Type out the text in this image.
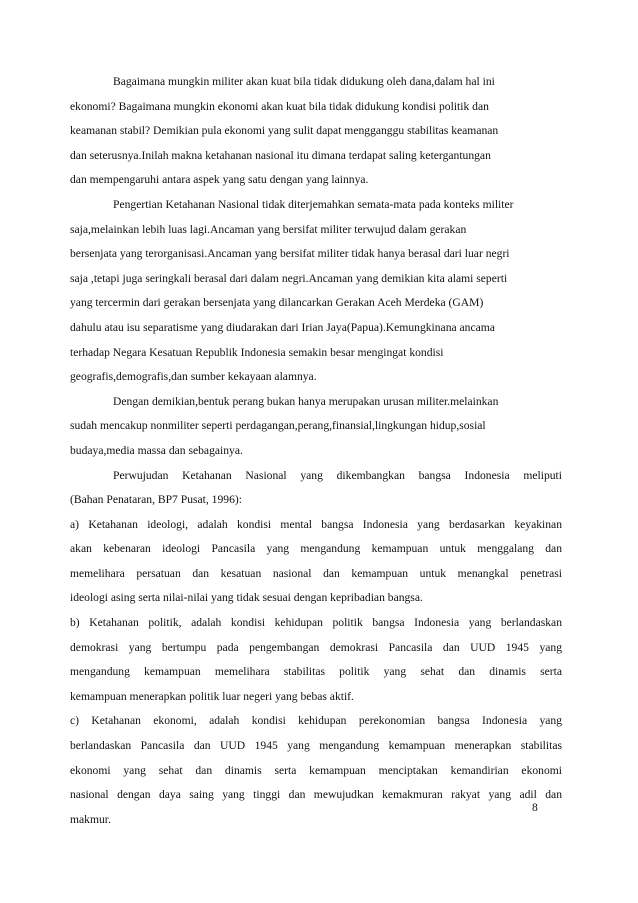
Bagaimana mungkin militer akan kuat bila tidak didukung oleh dana,dalam hal ini
ekonomi? Bagaimana mungkin ekonomi akan kuat bila tidak didukung kondisi politik dan
keamanan stabil? Demikian pula ekonomi yang sulit dapat mengganggu stabilitas keamanan
dan seterusnya.Inilah makna ketahanan nasional itu dimana terdapat saling ketergantungan
dan mempengaruhi antara aspek yang satu dengan yang lainnya.
Pengertian Ketahanan Nasional tidak diterjemahkan semata-mata pada konteks militer
saja,melainkan lebih luas lagi.Ancaman yang bersifat militer terwujud dalam gerakan
bersenjata yang terorganisasi.Ancaman yang bersifat militer tidak hanya berasal dari luar negri
saja ,tetapi juga seringkali berasal dari dalam negri.Ancaman yang demikian kita alami seperti
yang tercermin dari gerakan bersenjata yang dilancarkan Gerakan Aceh Merdeka (GAM)
dahulu atau isu separatisme yang diudarakan dari Irian Jaya(Papua).Kemungkinana ancama
terhadap Negara Kesatuan Republik Indonesia semakin besar mengingat kondisi
geografis,demografis,dan sumber kekayaan alamnya.
Dengan demikian,bentuk perang bukan hanya merupakan urusan militer.melainkan
sudah mencakup nonmiliter seperti perdagangan,perang,finansial,lingkungan hidup,sosial
budaya,media massa dan sebagainya.
Perwujudan Ketahanan Nasional yang dikembangkan bangsa Indonesia meliputi
(Bahan Penataran, BP7 Pusat, 1996):
a) Ketahanan ideologi, adalah kondisi mental bangsa Indonesia yang berdasarkan keyakinan
akan kebenaran ideologi Pancasila yang mengandung kemampuan untuk menggalang dan
memelihara persatuan dan kesatuan nasional dan kemampuan untuk menangkal penetrasi
ideologi asing serta nilai-nilai yang tidak sesuai dengan kepribadian bangsa.
b) Ketahanan politik, adalah kondisi kehidupan politik bangsa Indonesia yang berlandaskan
demokrasi yang bertumpu pada pengembangan demokrasi Pancasila dan UUD 1945 yang
mengandung kemampuan memelihara stabilitas politik yang sehat dan dinamis serta
kemampuan menerapkan politik luar negeri yang bebas aktif.
c) Ketahanan ekonomi, adalah kondisi kehidupan perekonomian bangsa Indonesia yang
berlandaskan Pancasila dan UUD 1945 yang mengandung kemampuan menerapkan stabilitas
ekonomi yang sehat dan dinamis serta kemampuan menciptakan kemandirian ekonomi
nasional dengan daya saing yang tinggi dan mewujudkan kemakmuran rakyat yang adil dan
makmur.
8
